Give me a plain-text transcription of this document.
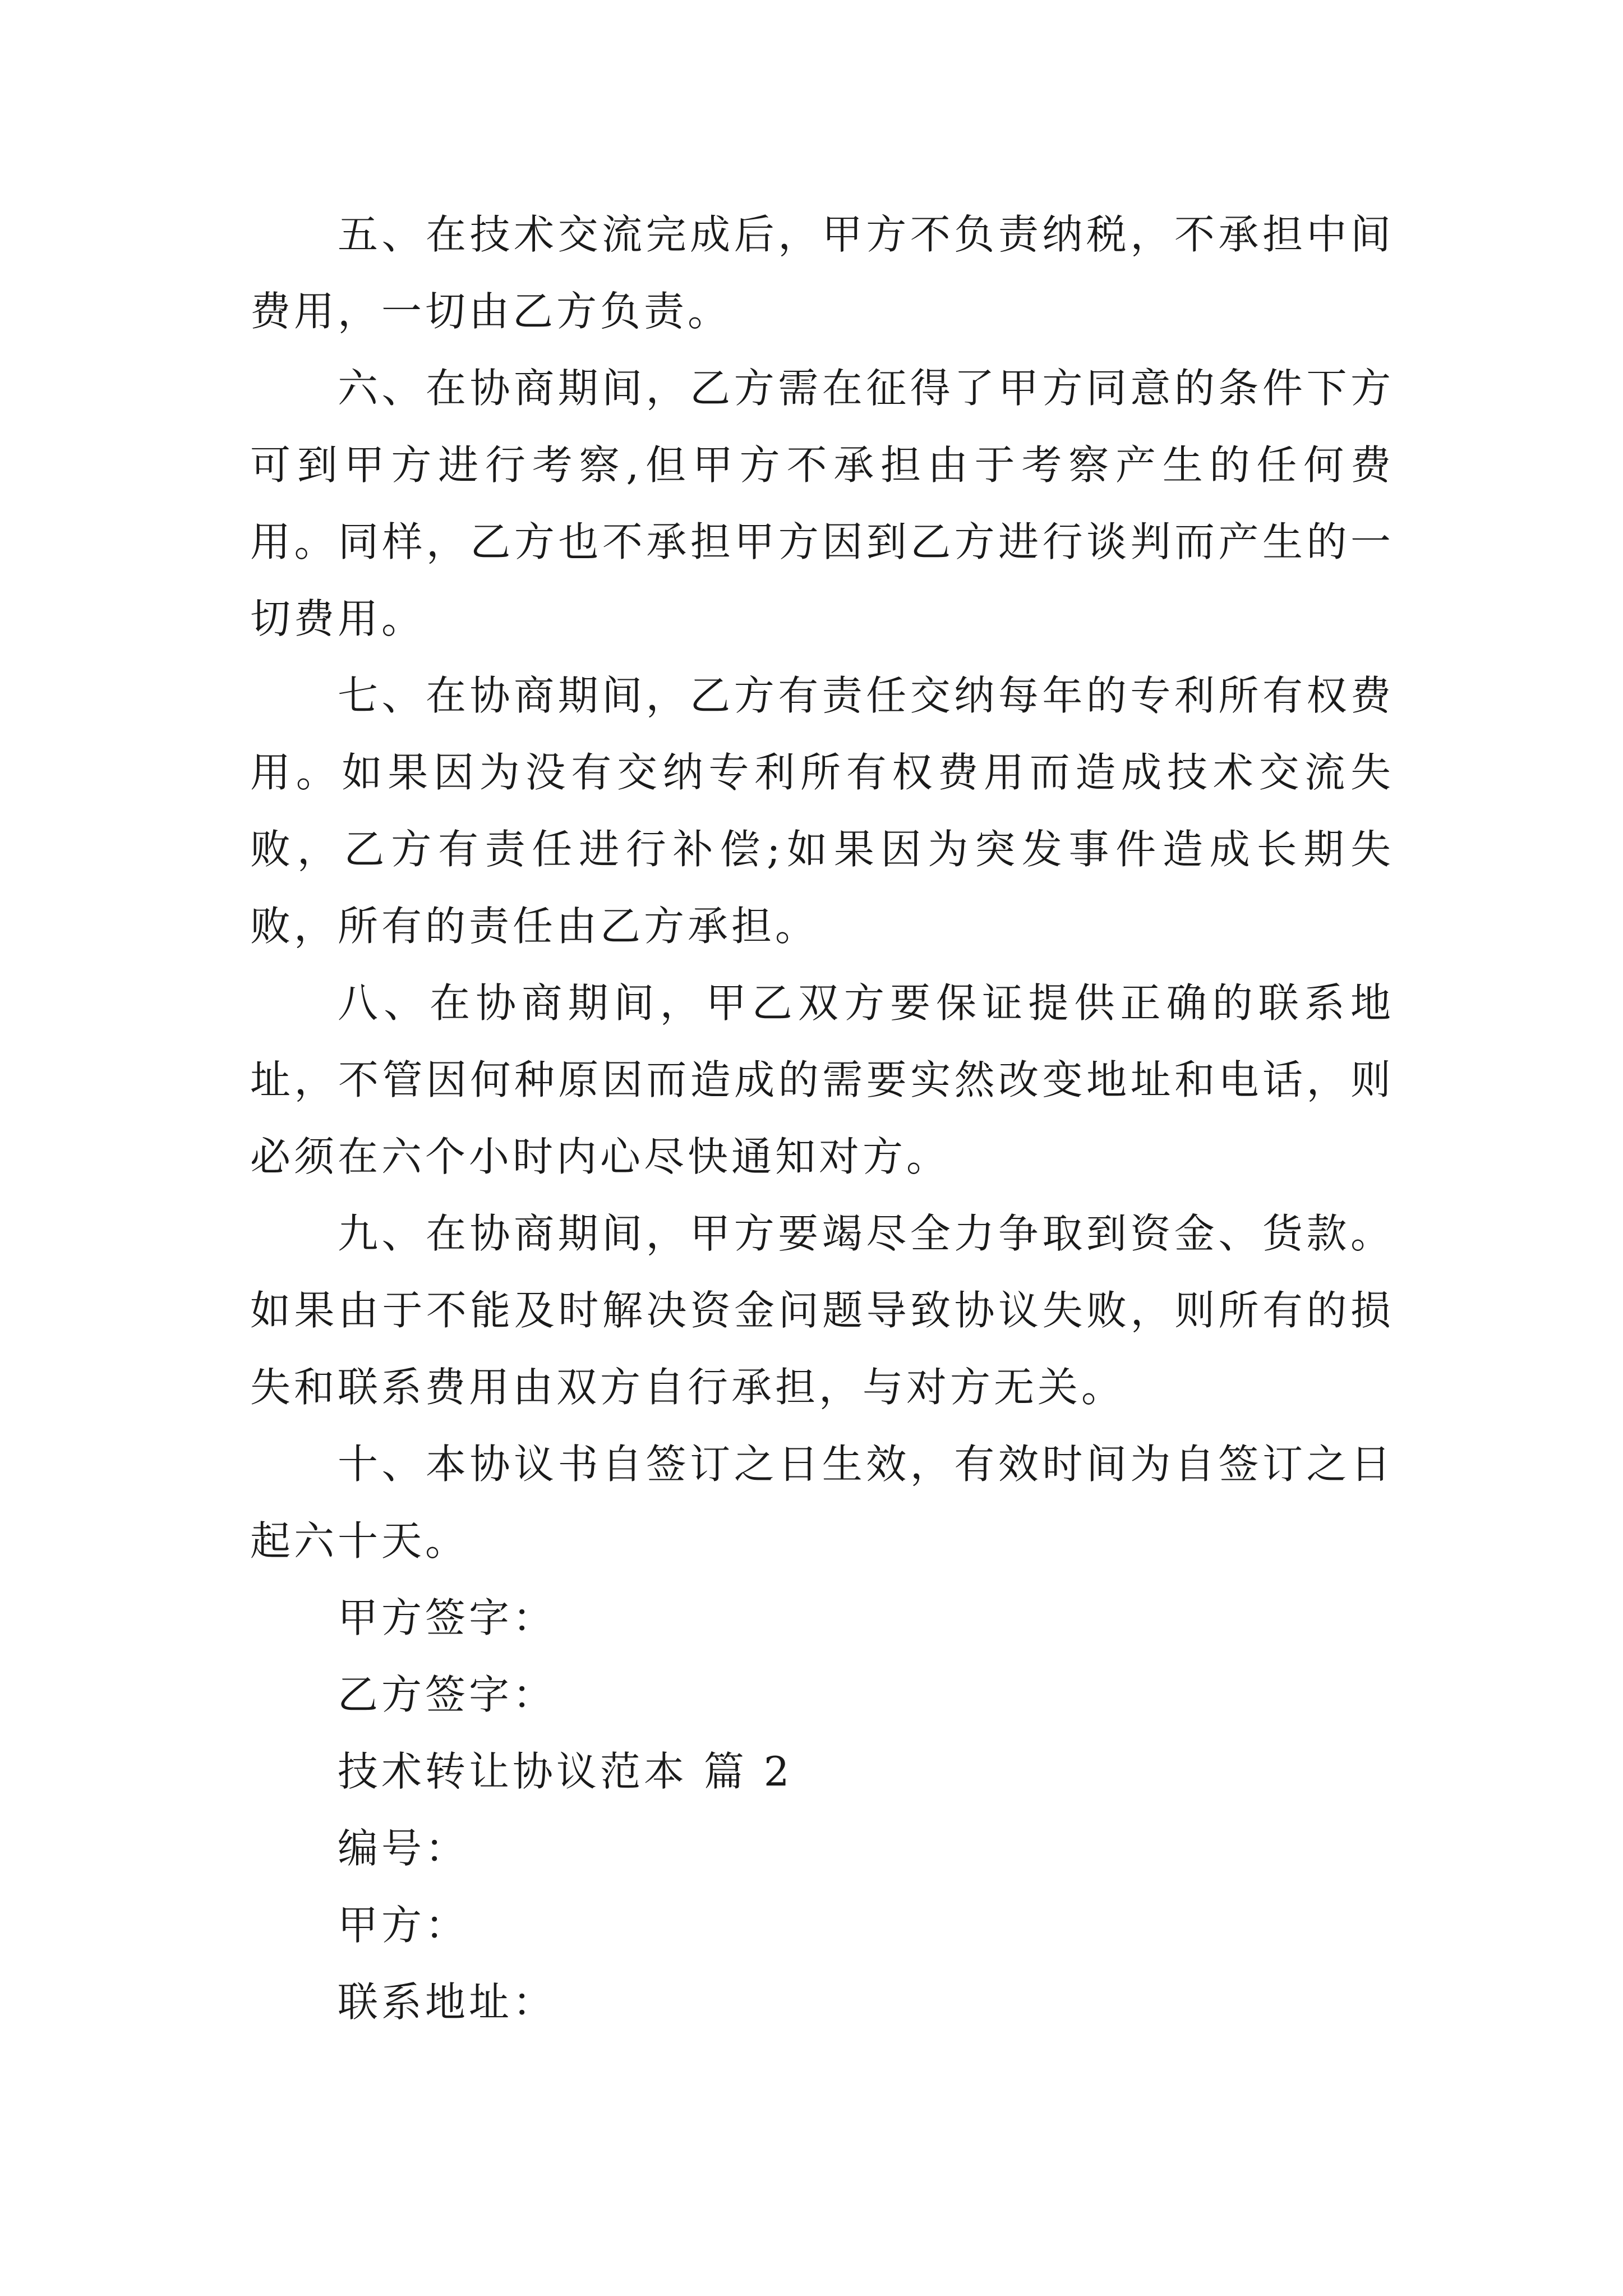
五、在技术交流完成后，甲方不负责纳税，不承担中间费用，一切由乙方负责。

六、在协商期间，乙方需在征得了甲方同意的条件下方可到甲方进行考察,但甲方不承担由于考察产生的任何费用。同样，乙方也不承担甲方因到乙方进行谈判而产生的一切费用。

七、在协商期间，乙方有责任交纳每年的专利所有权费用。如果因为没有交纳专利所有权费用而造成技术交流失败，乙方有责任进行补偿;如果因为突发事件造成长期失败，所有的责任由乙方承担。

八、在协商期间，甲乙双方要保证提供正确的联系地址，不管因何种原因而造成的需要实然改变地址和电话，则必须在六个小时内心尽快通知对方。

九、在协商期间，甲方要竭尽全力争取到资金、货款。如果由于不能及时解决资金问题导致协议失败，则所有的损失和联系费用由双方自行承担，与对方无关。

十、本协议书自签订之日生效，有效时间为自签订之日起六十天。

甲方签字：

乙方签字：

技术转让协议范本 篇 2

编号：

甲方：

联系地址：
